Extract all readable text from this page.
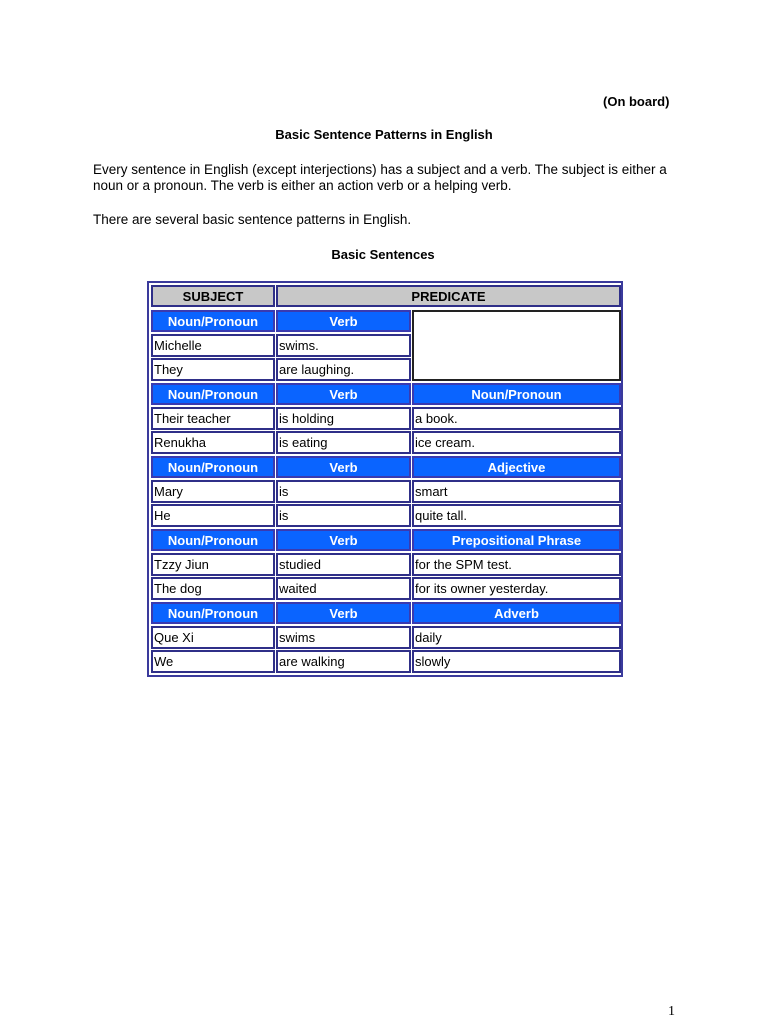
(On board)
Basic Sentence Patterns in English
Every sentence in English (except interjections) has a subject and a verb. The subject is either a noun or a pronoun. The verb is either an action verb or a helping verb.
There are several basic sentence patterns in English.
Basic Sentences
SUBJECT	PREDICATE
Noun/Pronoun	Verb
Michelle	swims.
They	are laughing.
Noun/Pronoun	Verb	Noun/Pronoun
Their teacher	is holding	a book.
Renukha	is eating	ice cream.
Noun/Pronoun	Verb	Adjective
Mary	is	smart
He	is	quite tall.
Noun/Pronoun	Verb	Prepositional Phrase
Tzzy Jiun	studied	for the SPM test.
The dog	waited	for its owner yesterday.
Noun/Pronoun	Verb	Adverb
Que Xi	swims	daily
We	are walking	slowly
1
